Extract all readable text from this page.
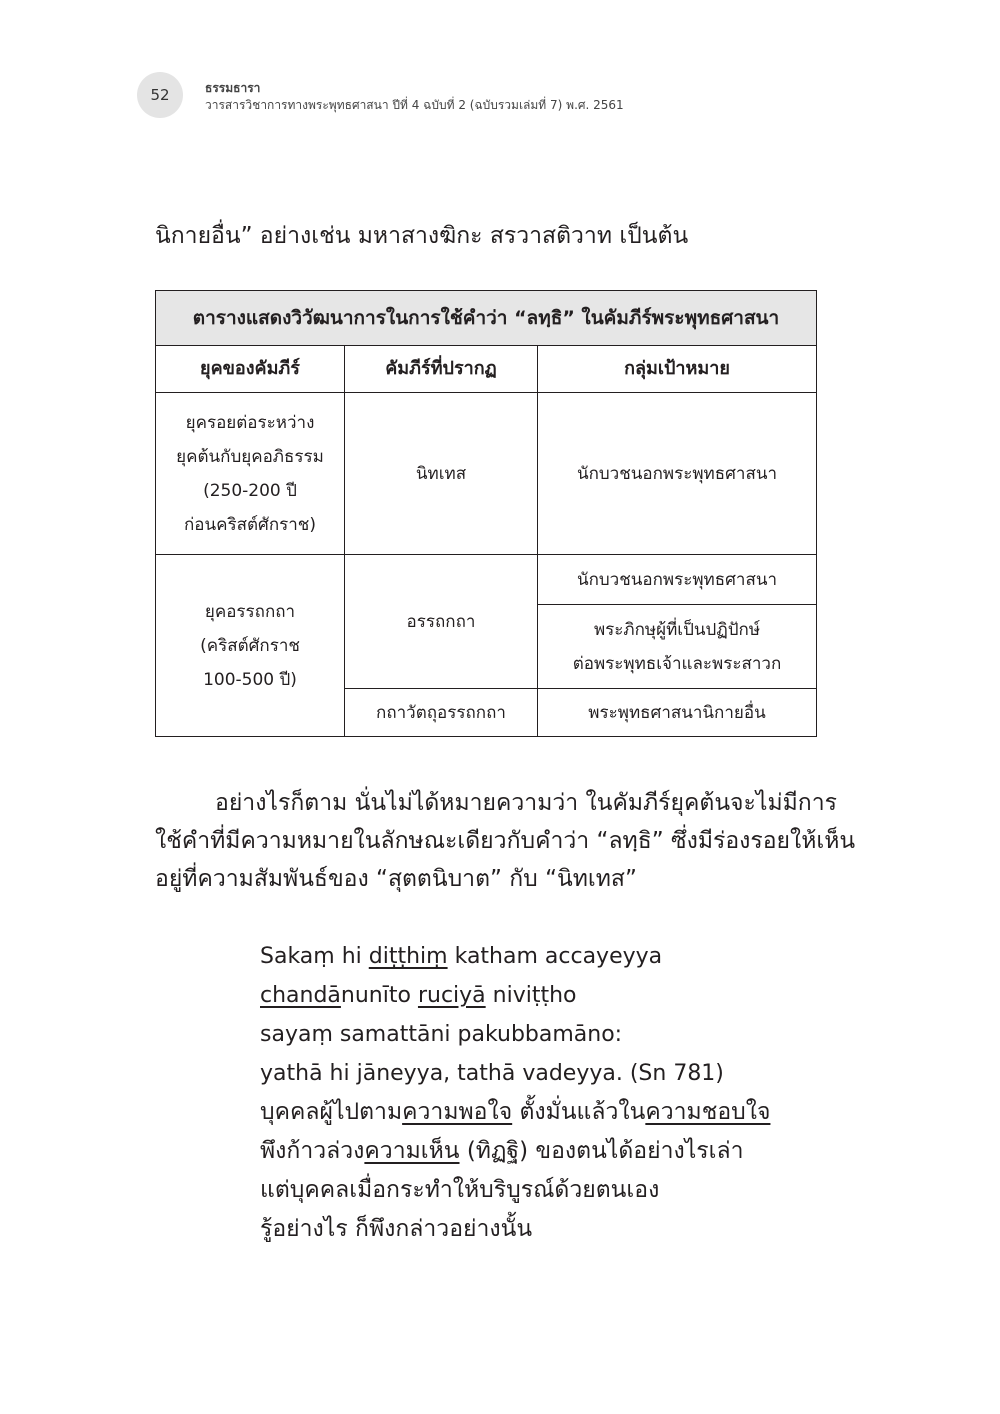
52	ธรรมธารา
วารสารวิชาการทางพระพุทธศาสนา ปีที่ 4 ฉบับที่ 2 (ฉบับรวมเล่มที่ 7) พ.ศ. 2561
นิกายอื่น” อย่างเช่น มหาสางฆิกะ สรวาสติวาท เป็นต้น
ตารางแสดงวิวัฒนาการในการใช้คำว่า “ลทฺธิ” ในคัมภีร์พระพุทธศาสนา		
ยุคของคัมภีร์	คัมภีร์ที่ปรากฏ	กลุ่มเป้าหมาย

ยุครอยต่อระหว่าง
ยุคต้นกับยุคอภิธรรม
(250-200 ปี
ก่อนคริสต์ศักราช)	นิทเทส	นักบวชนอกพระพุทธศาสนา

ยุคอรรถกถา
(คริสต์ศักราช
100-500 ปี)	อรรถกถา	นักบวชนอกพระพุทธศาสนา

		พระภิกษุผู้ที่เป็นปฏิปักษ์
ต่อพระพุทธเจ้าและพระสาวก

	กถาวัตถุอรรถกถา	พระพุทธศาสนานิกายอื่น
อย่างไรก็ตาม นั่นไม่ได้หมายความว่า ในคัมภีร์ยุคต้นจะไม่มีการ
ใช้คำที่มีความหมายในลักษณะเดียวกับคำว่า “ลทฺธิ” ซึ่งมีร่องรอยให้เห็น
อยู่ที่ความสัมพันธ์ของ “สุตตนิบาต” กับ “นิทเทส”
Sakaṃ hi diṭṭhiṃ katham accayeyya
chandānunīto ruciyā niviṭṭho
sayaṃ samattāni pakubbamāno:
yathā hi jāneyya, tathā vadeyya. (Sn 781)
บุคคลผู้ไปตามความพอใจ ตั้งมั่นแล้วในความชอบใจ
พึงก้าวล่วงความเห็น (ทิฏฐิ) ของตนได้อย่างไรเล่า
แต่บุคคลเมื่อกระทำให้บริบูรณ์ด้วยตนเอง
รู้อย่างไร ก็พึงกล่าวอย่างนั้น
